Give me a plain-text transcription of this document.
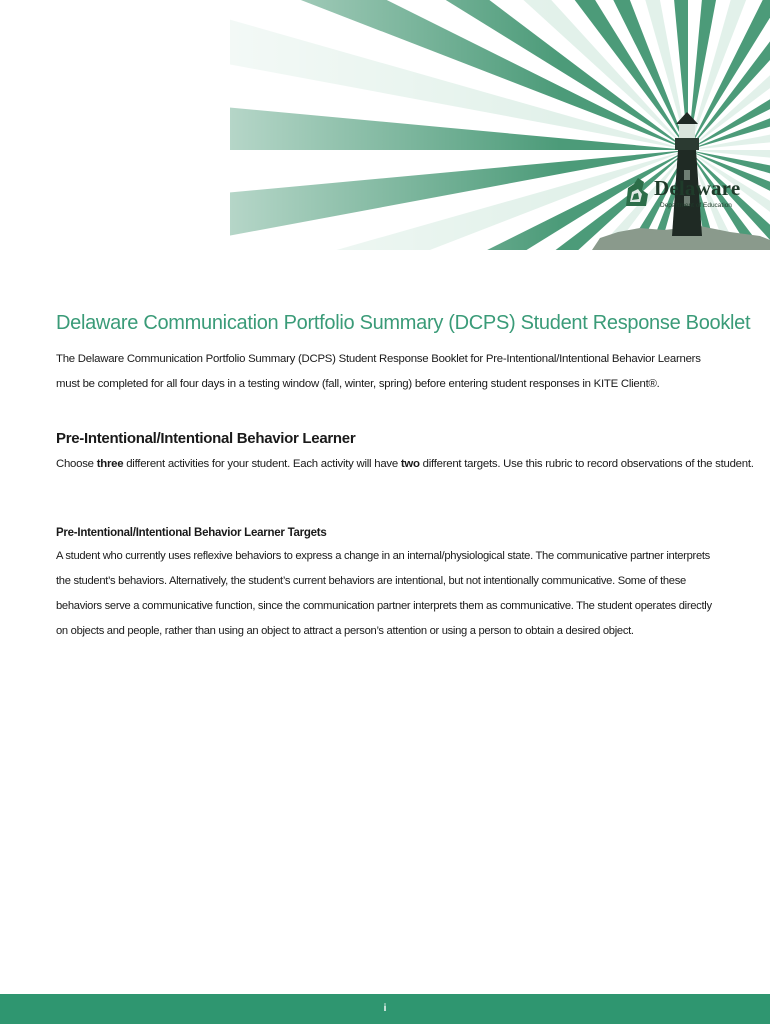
Delaware
Department of Education
Delaware Communication Portfolio Summary (DCPS) Student Response Booklet

The Delaware Communication Portfolio Summary (DCPS) Student Response Booklet for Pre-Intentional/Intentional Behavior Learners must be completed for all four days in a testing window (fall, winter, spring) before entering student responses in KITE Client®.

Pre-Intentional/Intentional Behavior Learner

Choose three different activities for your student. Each activity will have two different targets. Use this rubric to record observations of the student.

Pre-Intentional/Intentional Behavior Learner Targets

A student who currently uses reflexive behaviors to express a change in an internal/physiological state. The communicative partner interprets the student’s behaviors. Alternatively, the student’s current behaviors are intentional, but not intentionally communicative. Some of these behaviors serve a communicative function, since the communication partner interprets them as communicative. The student operates directly on objects and people, rather than using an object to attract a person’s attention or using a person to obtain a desired object.

i
